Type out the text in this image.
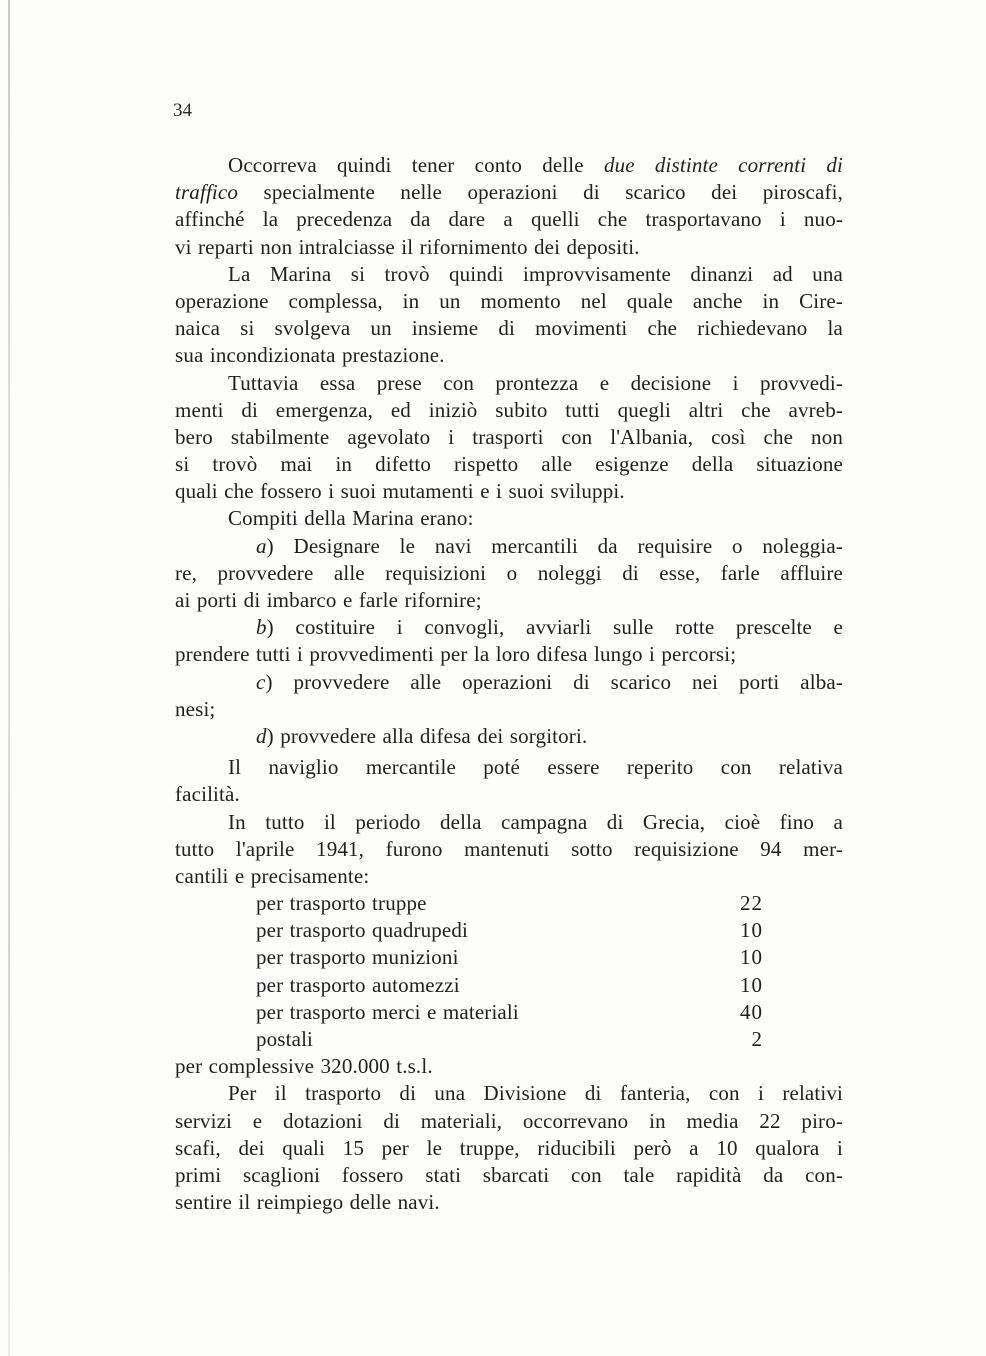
34
Occorreva quindi tener conto delle due distinte correnti di
traffico specialmente nelle operazioni di scarico dei piroscafi,
affinché la precedenza da dare a quelli che trasportavano i nuo-
vi reparti non intralciasse il rifornimento dei depositi.
La Marina si trovò quindi improvvisamente dinanzi ad una
operazione complessa, in un momento nel quale anche in Cire-
naica si svolgeva un insieme di movimenti che richiedevano la
sua incondizionata prestazione.
Tuttavia essa prese con prontezza e decisione i provvedi-
menti di emergenza, ed iniziò subito tutti quegli altri che avreb-
bero stabilmente agevolato i trasporti con l'Albania, così che non
si trovò mai in difetto rispetto alle esigenze della situazione
quali che fossero i suoi mutamenti e i suoi sviluppi.
Compiti della Marina erano:
a) Designare le navi mercantili da requisire o noleggia-
re, provvedere alle requisizioni o noleggi di esse, farle affluire
ai porti di imbarco e farle rifornire;
b) costituire i convogli, avviarli sulle rotte prescelte e
prendere tutti i provvedimenti per la loro difesa lungo i percorsi;
c) provvedere alle operazioni di scarico nei porti alba-
nesi;
d) provvedere alla difesa dei sorgitori.
Il naviglio mercantile poté essere reperito con relativa
facilità.
In tutto il periodo della campagna di Grecia, cioè fino a
tutto l'aprile 1941, furono mantenuti sotto requisizione 94 mer-
cantili e precisamente:
per trasporto truppe	22
per trasporto quadrupedi	10
per trasporto munizioni	10
per trasporto automezzi	10
per trasporto merci e materiali	40
postali	2
per complessive 320.000 t.s.l.
Per il trasporto di una Divisione di fanteria, con i relativi
servizi e dotazioni di materiali, occorrevano in media 22 piro-
scafi, dei quali 15 per le truppe, riducibili però a 10 qualora i
primi scaglioni fossero stati sbarcati con tale rapidità da con-
sentire il reimpiego delle navi.
